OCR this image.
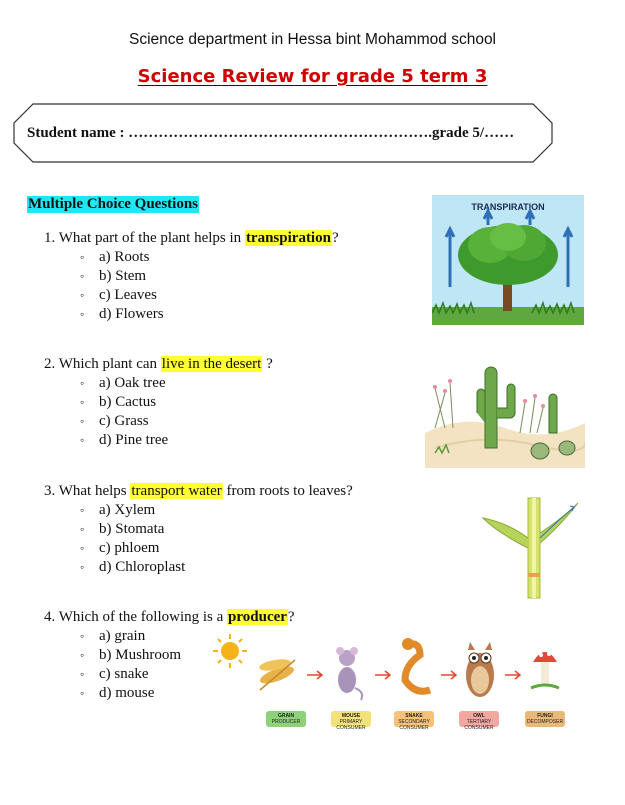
Science department in Hessa bint Mohammod school
Science Review for grade 5 term 3
Student name : …………………………………………………….grade 5/……
Multiple Choice Questions
1. What part of the plant helps in transpiration?
◦ a) Roots
◦ b) Stem
◦ c) Leaves
◦ d) Flowers
2. Which plant can live in the desert ?
◦ a) Oak tree
◦ b) Cactus
◦ c) Grass
◦ d) Pine tree
3. What helps transport water from roots to leaves?
◦ a) Xylem
◦ b) Stomata
◦ c) phloem
◦ d) Chloroplast
4. Which of the following is a producer?
◦ a) grain
◦ b) Mushroom
◦ c) snake
◦ d) mouse
TRANSPIRATION
GRAIN
PRODUCER
MOUSE
PRIMARY CONSUMER
SNAKE
SECONDARY CONSUMER
OWL
TERTIARY CONSUMER
FUNGI
DECOMPOSER
